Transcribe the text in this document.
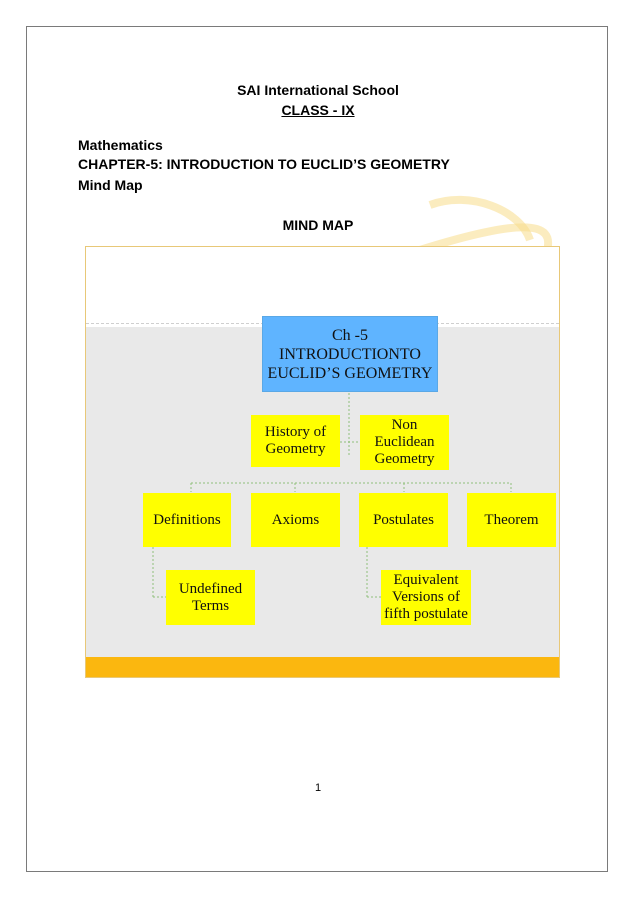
SAI International School
CLASS - IX
Mathematics
CHAPTER-5: INTRODUCTION TO EUCLID’S GEOMETRY
Mind Map
MIND MAP
Ch -5
INTRODUCTIONTO
EUCLID’S GEOMETRY
History of
Geometry
Non
Euclidean
Geometry
Definitions	Axioms	Postulates	Theorem
Undefined
Terms
Equivalent
Versions of
fifth postulate
1
